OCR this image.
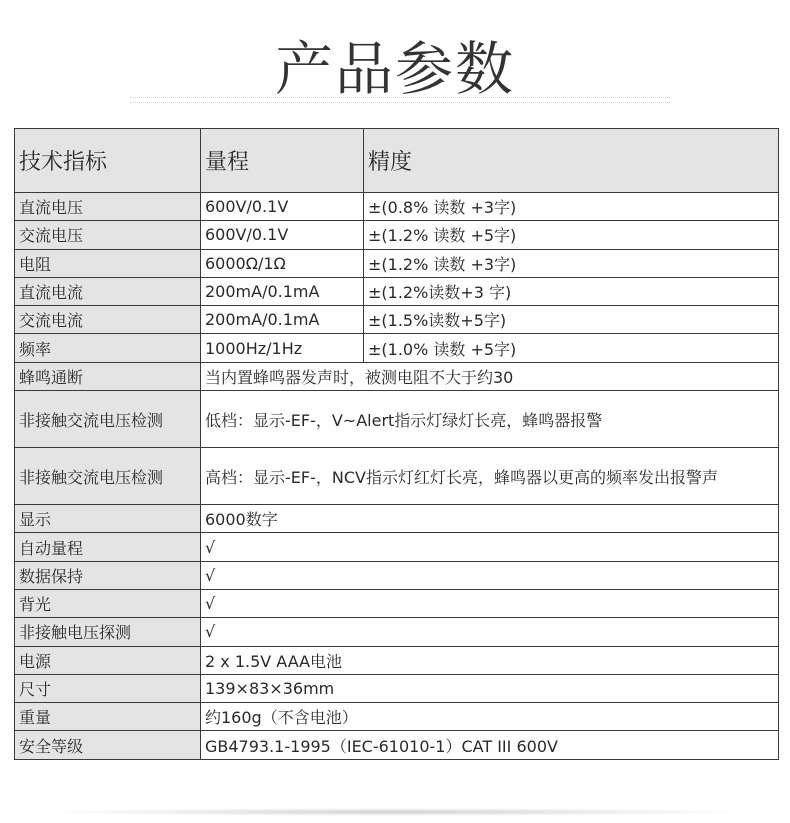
产品参数
技术指标	量程	精度
直流电压	600V/0.1V	±(0.8% 读数 +3字)
交流电压	600V/0.1V	±(1.2% 读数 +5字)
电阻	6000Ω/1Ω	±(1.2% 读数 +3字)
直流电流	200mA/0.1mA	±(1.2%读数+3 字)
交流电流	200mA/0.1mA	±(1.5%读数+5字)
频率	1000Hz/1Hz	±(1.0% 读数 +5字)
蜂鸣通断	当内置蜂鸣器发声时，被测电阻不大于约30	
非接触交流电压检测	低档：显示-EF-，V~Alert指示灯绿灯长亮，蜂鸣器报警	
非接触交流电压检测	高档：显示-EF-，NCV指示灯红灯长亮，蜂鸣器以更高的频率发出报警声	
显示	6000数字	
自动量程	√	
数据保持	√	
背光	√	
非接触电压探测	√	
电源	2 x 1.5V AAA电池	
尺寸	139×83×36mm	
重量	约160g（不含电池）	
安全等级	GB4793.1-1995（IEC-61010-1）CAT III 600V	
